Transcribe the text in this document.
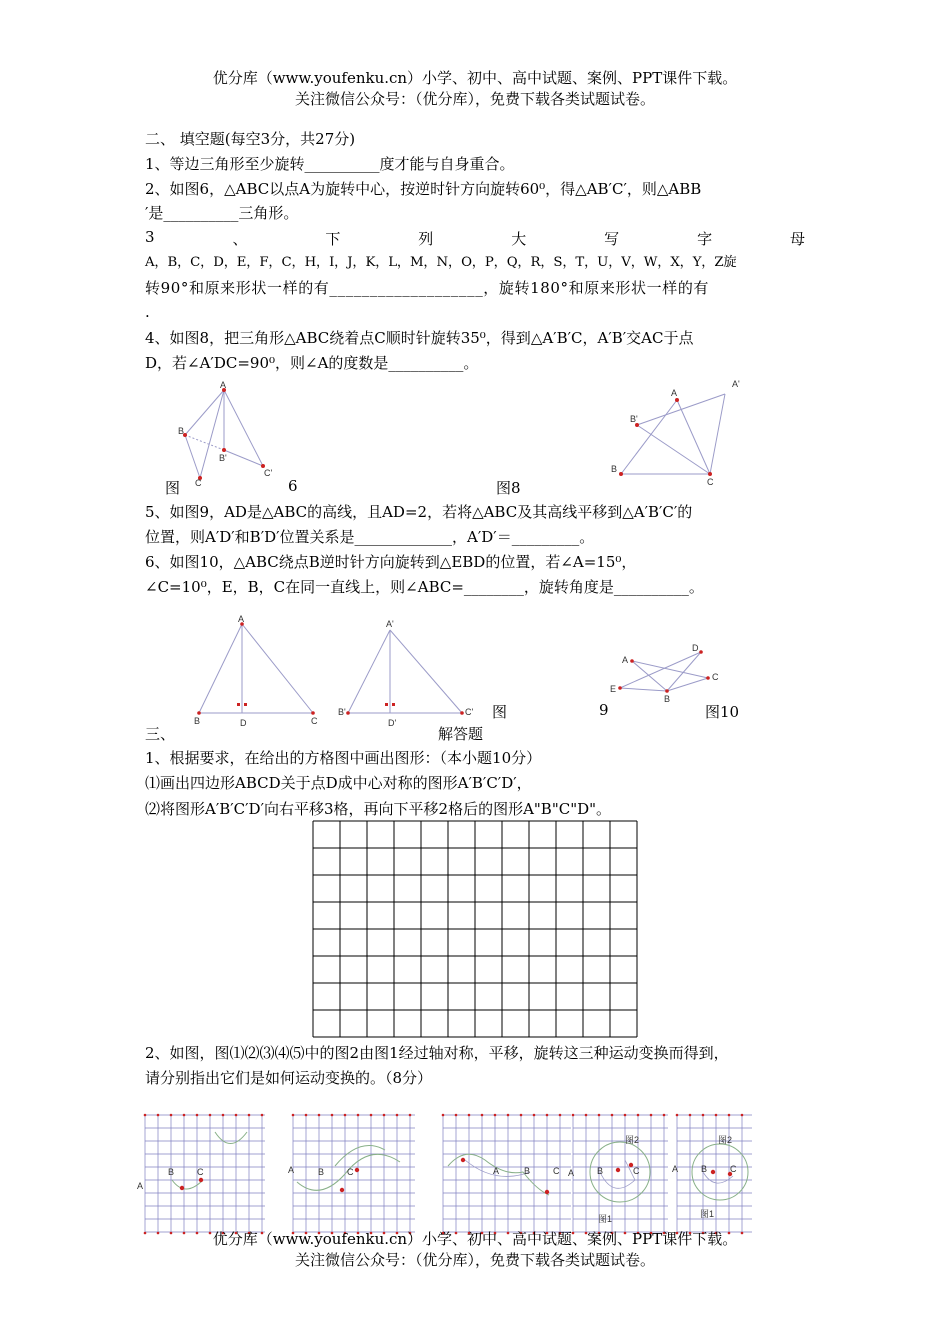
优分库（www.youfenku.cn）小学、初中、高中试题、案例、PPT课件下载。
关注微信公众号：（优分库），免费下载各类试题试卷。
二、 填空题(每空3分，共27分)
1、等边三角形至少旋转__________度才能与自身重合。
2、如图6，△ABC以点A为旋转中心，按逆时针方向旋转60⁰，得△AB′C′，则△ABB
′是__________三角形。
3	、	下	列	大	写	字	母
A，B，C，D，E，F，C，H，I，J，K，L，M，N，O，P，Q，R，S，T，U，V，W，X，Y，Z旋
转90°和原来形状一样的有___________________，旋转180°和原来形状一样的有
.
4、如图8，把三角形△ABC绕着点C顺时针旋转35⁰，得到△A′B′C，A′B′交AC于点
D，若∠A′DC=90⁰，则∠A的度数是__________。
A
B
B'
C
C'
图	6
A
A'
B
B'
C
图8
5、如图9，AD是△ABC的高线，且AD=2，若将△ABC及其高线平移到△A′B′C′的
位置，则A′D′和B′D′位置关系是_____________，A′D′＝_________。
6、如图10，△ABC绕点B逆时针方向旋转到△EBD的位置，若∠A=15⁰，
∠C=10⁰，E，B，C在同一直线上，则∠ABC=________，旋转角度是__________。
A
B	C
D
A'
B'	C'
D'
图	9
A
B
C
D
E
图10
三、	解答题
1、根据要求，在给出的方格图中画出图形：（本小题10分）
⑴画出四边形ABCD关于点D成中心对称的图形A′B′C′D′，
⑵将图形A′B′C′D′向右平移3格，再向下平移2格后的图形A"B"C"D"。
2、如图，图⑴⑵⑶⑷⑸中的图2由图1经过轴对称，平移，旋转这三种运动变换而得到，
请分别指出它们是如何运动变换的。（8分）
A
B	C	A	B	C	A	B	C A	B	C
图2
图1
A	B	C
图2
图1
优分库（www.youfenku.cn）小学、初中、高中试题、案例、PPT课件下载。
关注微信公众号：（优分库），免费下载各类试题试卷。
